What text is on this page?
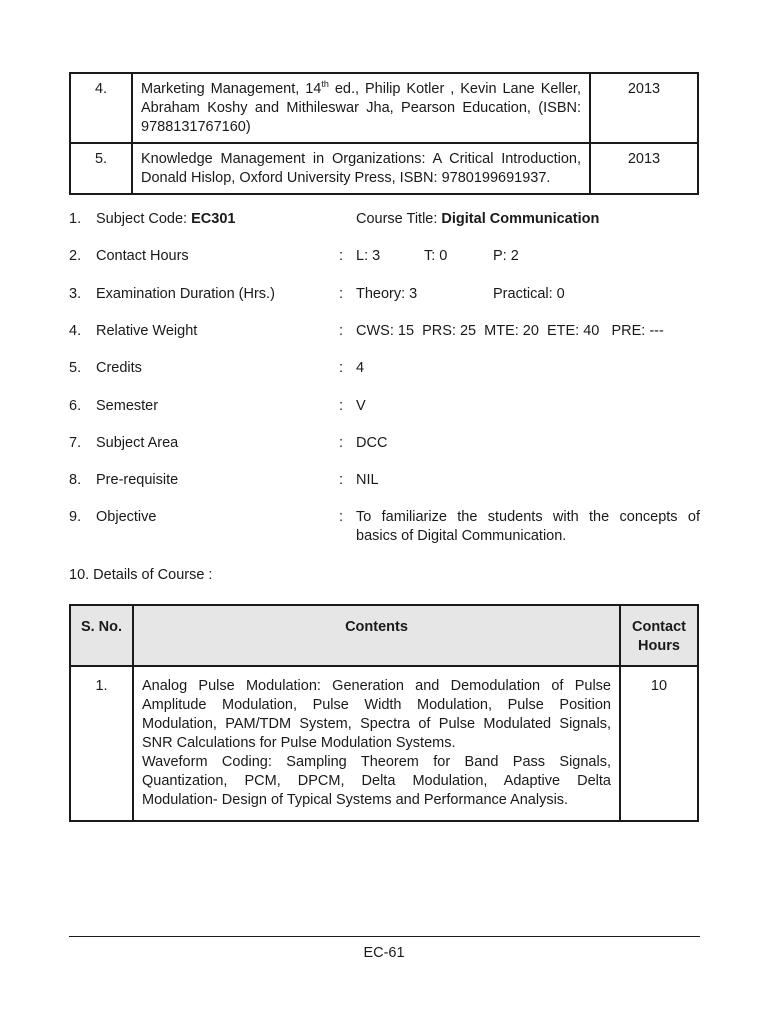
4.	Marketing Management, 14th ed., Philip Kotler , Kevin Lane Keller, Abraham Koshy and Mithileswar Jha, Pearson Education, (ISBN: 9788131767160)	2013
5.	Knowledge Management in Organizations: A Critical Introduction, Donald Hislop, Oxford University Press, ISBN: 9780199691937.	2013
1. Subject Code: EC301	Course Title: Digital Communication
2. Contact Hours	: L: 3	T: 0	P: 2
3. Examination Duration (Hrs.)	: Theory: 3	Practical: 0
4. Relative Weight	: CWS: 15  PRS: 25  MTE: 20  ETE: 40   PRE: ---
5. Credits	: 4
6. Semester	: V
7. Subject Area	: DCC
8. Pre-requisite	: NIL
9. Objective	: To familiarize the students with the concepts of basics of Digital Communication.
10. Details of Course :
S. No.	Contents	Contact
Hours
1.	Analog Pulse Modulation: Generation and Demodulation of Pulse Amplitude Modulation, Pulse Width Modulation, Pulse Position Modulation, PAM/TDM System, Spectra of Pulse Modulated Signals, SNR Calculations for Pulse Modulation Systems.

Waveform Coding: Sampling Theorem for Band Pass Signals, Quantization, PCM, DPCM, Delta Modulation, Adaptive Delta Modulation- Design of Typical Systems and Performance Analysis.	10
EC-61
